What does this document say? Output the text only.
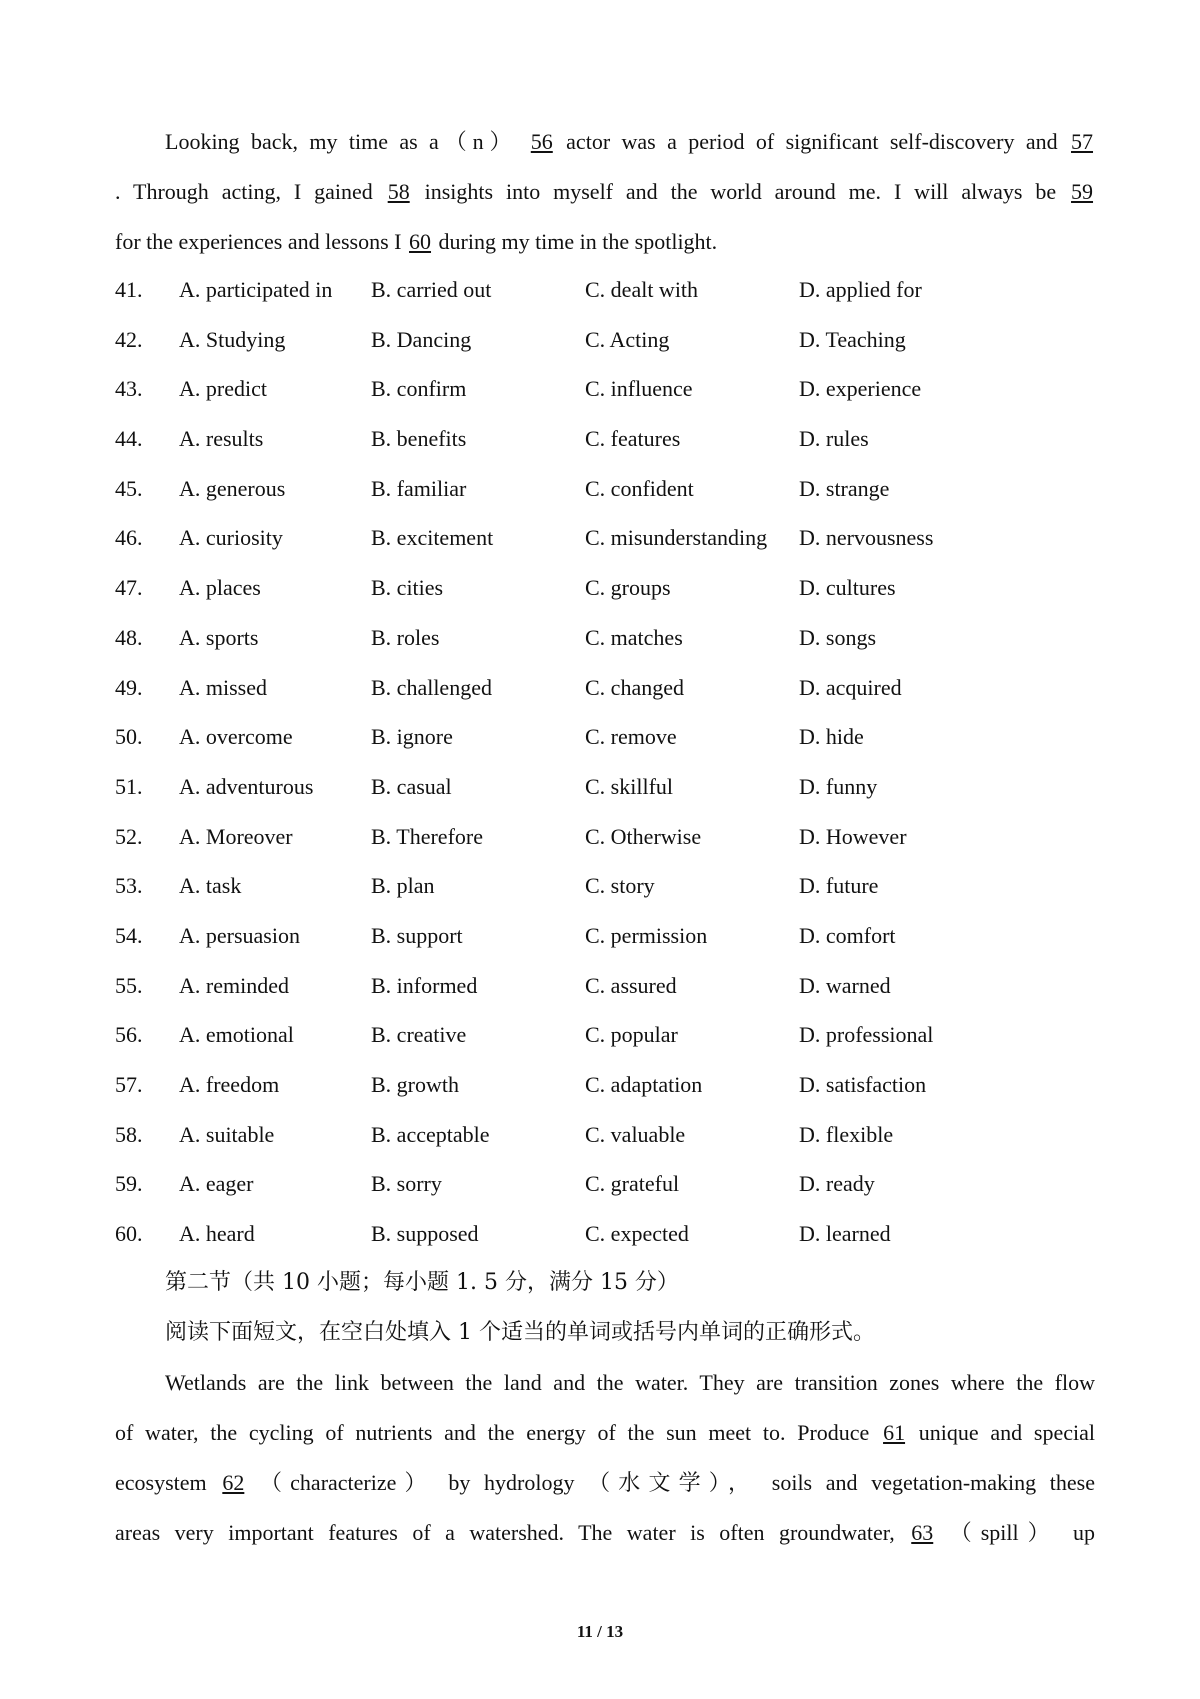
Looking back, my time as a（n） 56 actor was a period of significant self-discovery and 57
. Through acting, I gained 58 insights into myself and the world around me. I will always be 59
for the experiences and lessons I 60 during my time in the spotlight.
41. A. participated in B. carried out	C. dealt with	D. applied for
42. A. Studying	B. Dancing	C. Acting	D. Teaching
43. A. predict	B. confirm	C. influence	D. experience
44. A. results	B. benefits	C. features	D. rules
45. A. generous	B. familiar	C. confident	D. strange
46. A. curiosity	B. excitement	C. misunderstanding D. nervousness
47. A. places	B. cities	C. groups	D. cultures
48. A. sports	B. roles	C. matches	D. songs
49. A. missed	B. challenged	C. changed	D. acquired
50. A. overcome	B. ignore	C. remove	D. hide
51. A. adventurous	B. casual	C. skillful	D. funny
52. A. Moreover	B. Therefore	C. Otherwise	D. However
53. A. task	B. plan	C. story	D. future
54. A. persuasion	B. support	C. permission	D. comfort
55. A. reminded	B. informed	C. assured	D. warned
56. A. emotional	B. creative	C. popular	D. professional
57. A. freedom	B. growth	C. adaptation	D. satisfaction
58. A. suitable	B. acceptable	C. valuable	D. flexible
59. A. eager	B. sorry	C. grateful	D. ready
60. A. heard	B. supposed	C. expected	D. learned
第二节（共 10 小题；每小题 1. 5 分，满分 15 分）
阅读下面短文，在空白处填入 1 个适当的单词或括号内单词的正确形式。
Wetlands are the link between the land and the water. They are transition zones where the flow
of water, the cycling of nutrients and the energy of the sun meet to. Produce 61 unique and special
ecosystem 62 （characterize） by hydrology （水文学）， soils and vegetation-making these
areas very important features of a watershed. The water is often groundwater, 63 （spill） up
11 / 13
